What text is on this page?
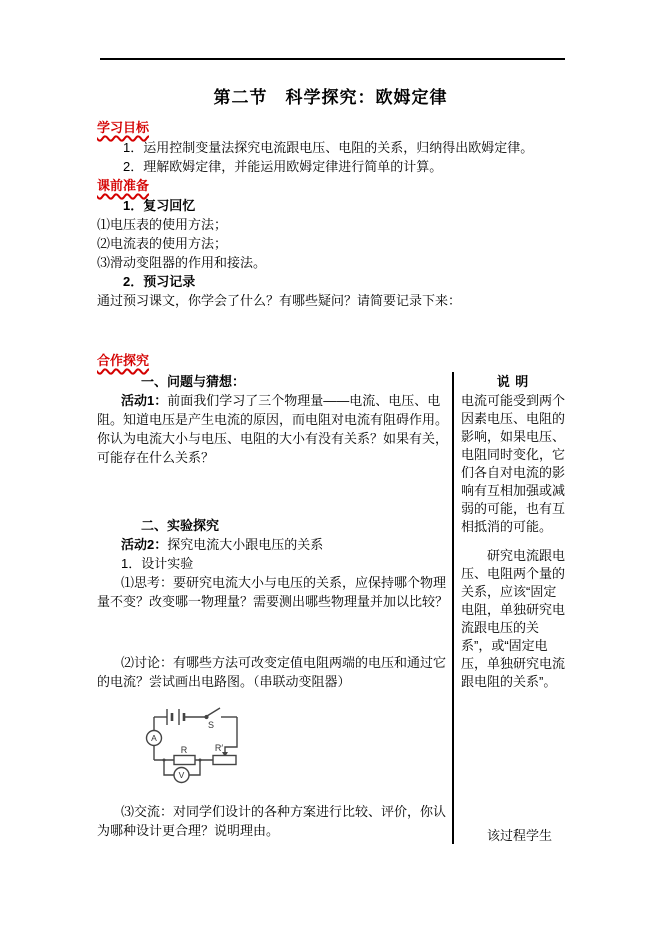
第二节　科学探究：欧姆定律
学习目标

1．运用控制变量法探究电流跟电压、电阻的关系，归纳得出欧姆定律。

2．理解欧姆定律，并能运用欧姆定律进行简单的计算。

课前准备

1．复习回忆

⑴电压表的使用方法；

⑵电流表的使用方法；

⑶滑动变阻器的作用和接法。

2．预习记录

通过预习课文，你学会了什么？有哪些疑问？请简要记录下来：

合作探究

一、问题与猜想：

活动1：前面我们学习了三个物理量——电流、电压、电阻。知道电压是产生电流的原因，而电阻对电流有阻碍作用。你认为电流大小与电压、电阻的大小有没有关系？如果有关，可能存在什么关系？

二、实验探究

活动2：探究电流大小跟电压的关系

1．设计实验

⑴思考：要研究电流大小与电压的关系，应保持哪个物理量不变？改变哪一物理量？需要测出哪些物理量并加以比较？

⑵讨论：有哪些方法可改变定值电阻两端的电压和通过它的电流？尝试画出电路图。（串联动变阻器）

A
V
S
R	R′

⑶交流：对同学们设计的各种方案进行比较、评价，你认为哪种设计更合理？说明理由。

说 明

电流可能受到两个因素电压、电阻的影响，如果电压、电阻同时变化，它们各自对电流的影响有互相加强或减弱的可能，也有互相抵消的可能。

研究电流跟电压、电阻两个量的关系，应该“固定电阻，单独研究电流跟电压的关系”，或“固定电压，单独研究电流跟电阻的关系”。

该过程学生
